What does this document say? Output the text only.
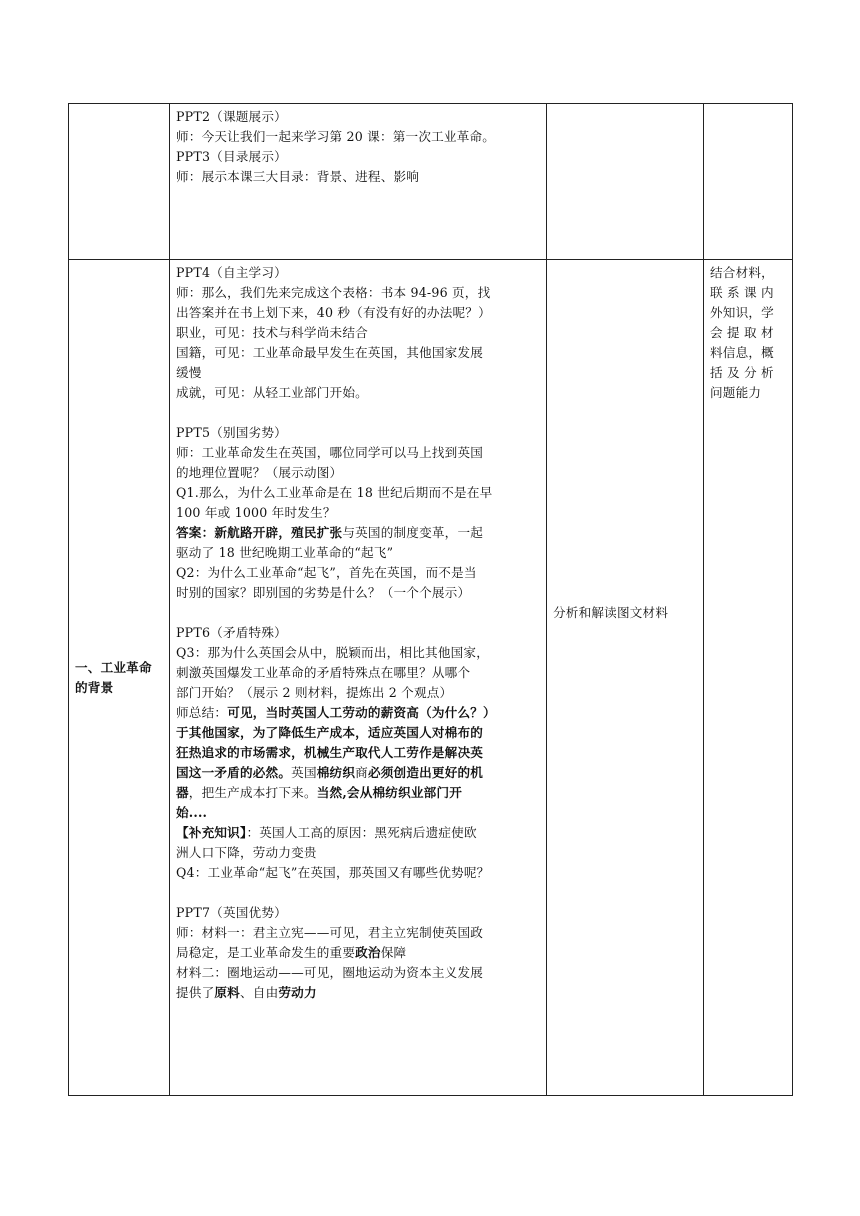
PPT2（课题展示）

师：今天让我们一起来学习第 20 课：第一次工业革命。

PPT3（目录展示）

师：展示本课三大目录：背景、进程、影响

一、工业革命

的背景

PPT4（自主学习）

师：那么，我们先来完成这个表格：书本 94-96 页，找

出答案并在书上划下来，40 秒（有没有好的办法呢？）

职业，可见：技术与科学尚未结合

国籍，可见：工业革命最早发生在英国，其他国家发展

缓慢

成就，可见：从轻工业部门开始。

PPT5（别国劣势）

师：工业革命发生在英国，哪位同学可以马上找到英国

的地理位置呢？（展示动图）

Q1.那么，为什么工业革命是在 18 世纪后期而不是在早

100 年或 1000 年时发生？

答案：新航路开辟，殖民扩张与英国的制度变革，一起

驱动了 18 世纪晚期工业革命的“起飞”

Q2：为什么工业革命“起飞”，首先在英国，而不是当

时别的国家？即别国的劣势是什么？（一个个展示）

PPT6（矛盾特殊）

Q3：那为什么英国会从中，脱颖而出，相比其他国家，

刺激英国爆发工业革命的矛盾特殊点在哪里？从哪个

部门开始？（展示 2 则材料，提炼出 2 个观点）

师总结：可见，当时英国人工劳动的薪资高（为什么？）

于其他国家，为了降低生产成本，适应英国人对棉布的

狂热追求的市场需求，机械生产取代人工劳作是解决英

国这一矛盾的必然。英国棉纺织商必须创造出更好的机

器，把生产成本打下来。当然,会从棉纺织业部门开

始....

【补充知识】：英国人工高的原因：黑死病后遗症使欧

洲人口下降，劳动力变贵

Q4：工业革命“起飞”在英国，那英国又有哪些优势呢？

PPT7（英国优势）

师：材料一：君主立宪——可见，君主立宪制使英国政

局稳定，是工业革命发生的重要政治保障

材料二：圈地运动——可见，圈地运动为资本主义发展

提供了原料、自由劳动力

分析和解读图文材料

结合材料，

联 系 课 内

外知识，学

会 提 取 材

料信息，概

括 及 分 析

问题能力
